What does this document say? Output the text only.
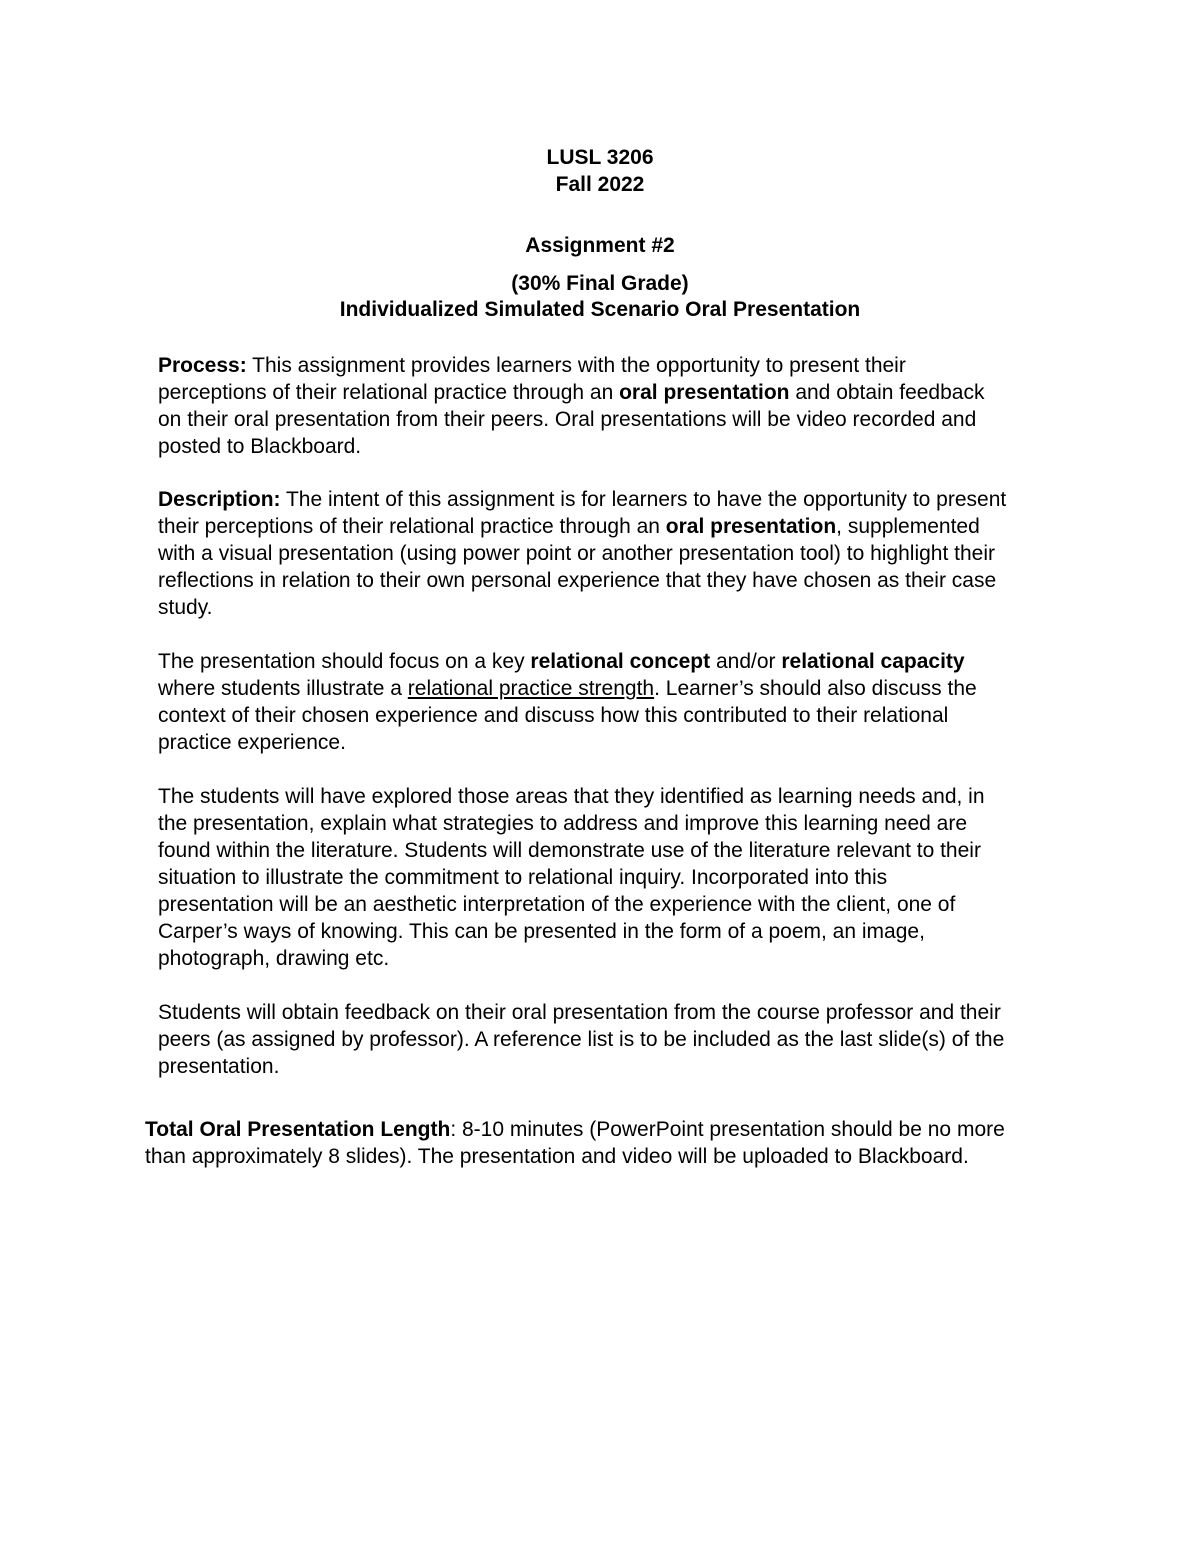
LUSL 3206
Fall 2022
Assignment #2
(30% Final Grade)
Individualized Simulated Scenario Oral Presentation

Process: This assignment provides learners with the opportunity to present their perceptions of their relational practice through an oral presentation and obtain feedback on their oral presentation from their peers. Oral presentations will be video recorded and posted to Blackboard.

Description: The intent of this assignment is for learners to have the opportunity to present their perceptions of their relational practice through an oral presentation, supplemented with a visual presentation (using power point or another presentation tool) to highlight their reflections in relation to their own personal experience that they have chosen as their case study.

The presentation should focus on a key relational concept and/or relational capacity where students illustrate a relational practice strength. Learner’s should also discuss the context of their chosen experience and discuss how this contributed to their relational practice experience.

The students will have explored those areas that they identified as learning needs and, in the presentation, explain what strategies to address and improve this learning need are found within the literature. Students will demonstrate use of the literature relevant to their situation to illustrate the commitment to relational inquiry. Incorporated into this presentation will be an aesthetic interpretation of the experience with the client, one of Carper’s ways of knowing. This can be presented in the form of a poem, an image, photograph, drawing etc.

Students will obtain feedback on their oral presentation from the course professor and their peers (as assigned by professor). A reference list is to be included as the last slide(s) of the presentation.

Total Oral Presentation Length: 8-10 minutes (PowerPoint presentation should be no more than approximately 8 slides). The presentation and video will be uploaded to Blackboard.
